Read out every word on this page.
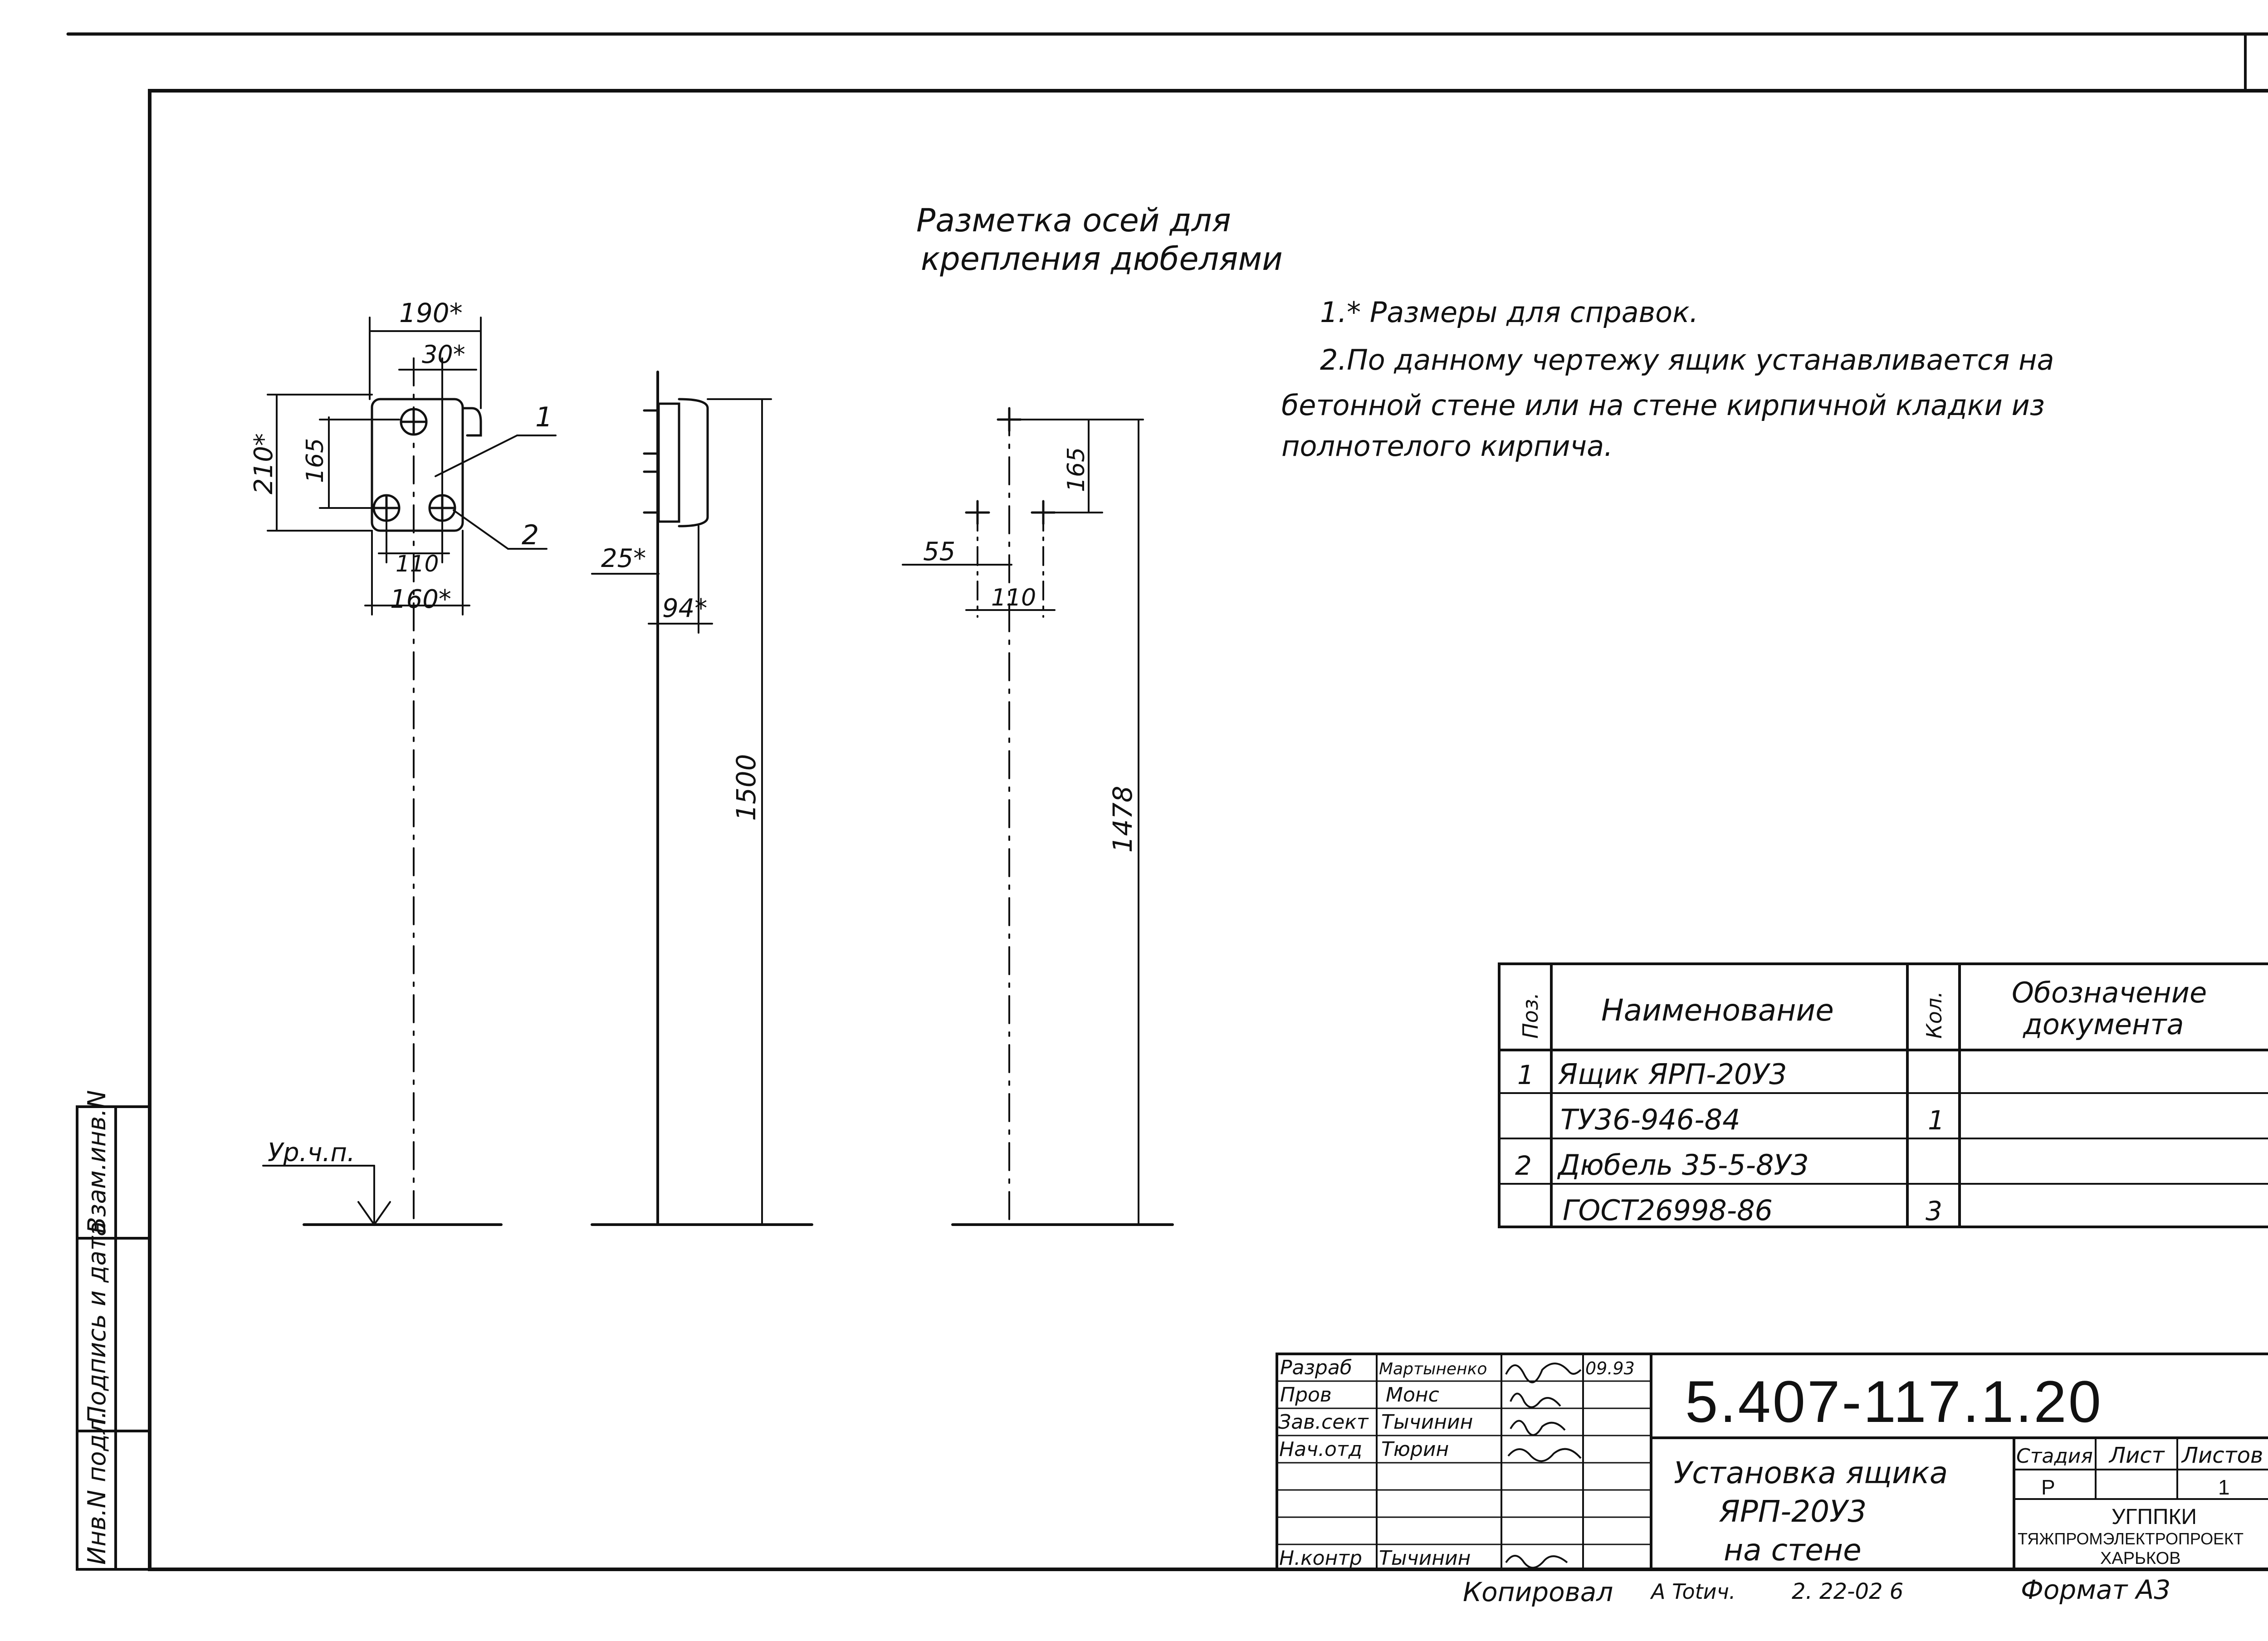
Разметка осей для
крепления дюбелями
1.* Размеры для справок.
2.По данному чертежу ящик устанавливается на
бетонной стене или на стене кирпичной кладки из
полнотелого кирпича.
190*
30*
210* 165
110
160*
1
2
Ур.ч.п.
25*
94*
1500
165
55
110
1478
Поз. Наименование	Кол. Обозначение
документа
1 Ящик ЯРП-20У3
ТУ36-946-84	1
2 Дюбель 35-5-8У3
ГОСТ26998-86	3
5.407-117.1.20
Установка ящика
ЯРП-20У3
на стене
Разраб Мартыненко	09.93
Пров	Монс
Зав.сект Тычинин
Нач.отд Тюрин
Н.контр Тычинин
Стадия Лист Листов
Р	1
УГППКИ
ТЯЖПРОМЭЛЕКТРОПРОЕКТ
ХАРЬКОВ
Копировал A Totич.	2. 22-02 6	Формат А3
Инв.N подл.
Подпись и дата
Взам.инв.N
